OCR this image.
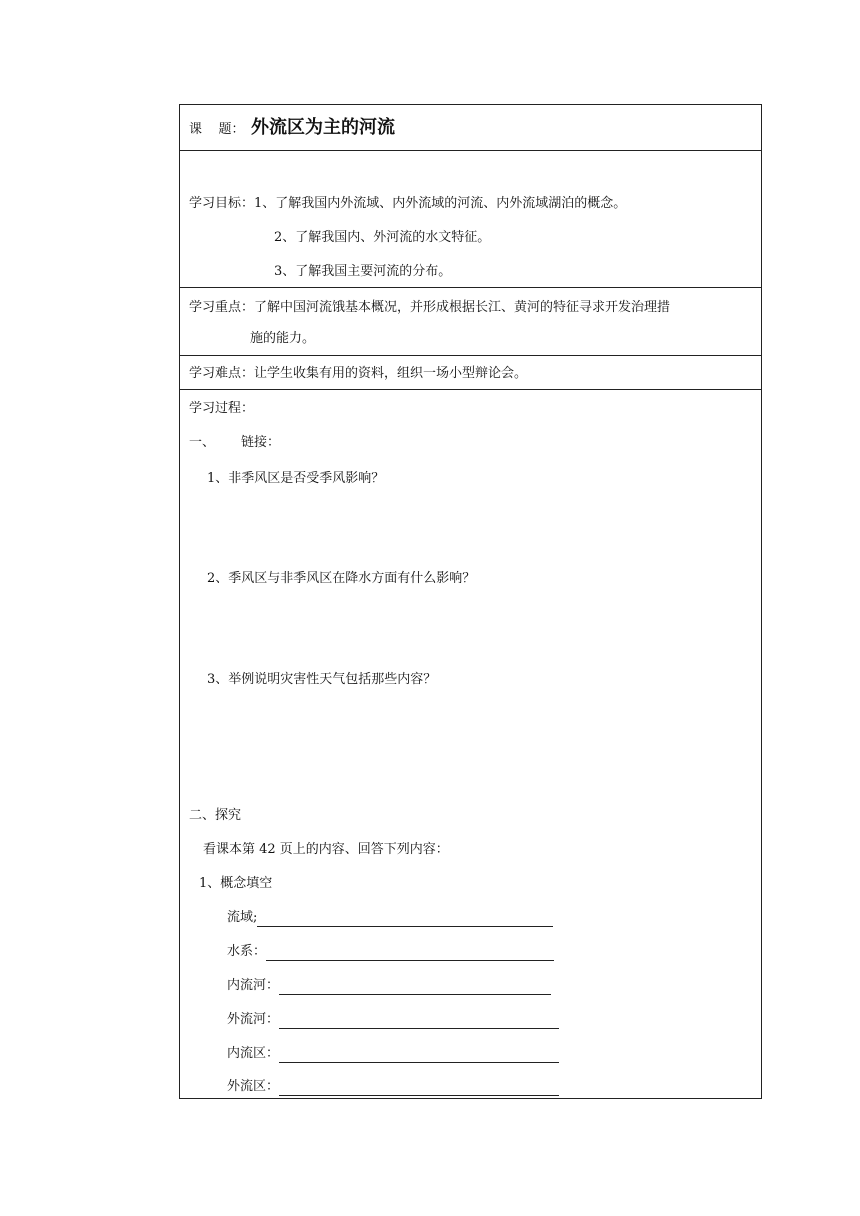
课    题： 外流区为主的河流
学习目标： 1、了解我国内外流域、内外流域的河流、内外流域湖泊的概念。
2、了解我国内、外河流的水文特征。
3、了解我国主要河流的分布。
学习重点： 了解中国河流饿基本概况，并形成根据长江、黄河的特征寻求开发治理措
施的能力。
学习难点： 让学生收集有用的资料，组织一场小型辩论会。
学习过程：
一、 链接：
1、非季风区是否受季风影响？
2、季风区与非季风区在降水方面有什么影响？
3、举例说明灾害性天气包括那些内容？
二、探究
看课本第 42 页上的内容、回答下列内容：
1、概念填空
流域;
水系：
内流河：
外流河：
内流区：
外流区：
